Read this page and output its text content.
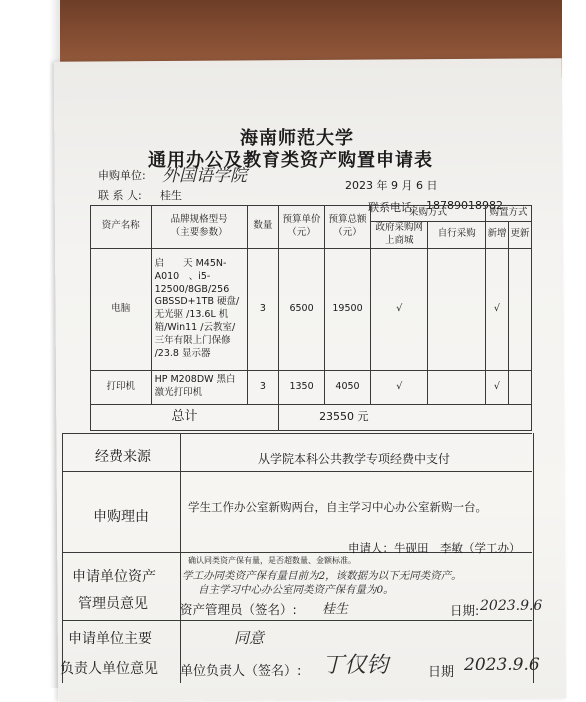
海南师范大学
通用办公及教育类资产购置申请表
申购单位: 外国语学院	2023 年 9 月 6 日
联 系 人: 桂生
联系电话: 18789018982
资产名称	品牌规格型号
（主要参数）	数量	预算单价（元）	预算总额（元）	采购方式		购置方式	
					政府采购网上商城	自行采购	新增	更新
电脑	启　　天 M45N-A010　、i5-12500/8GB/256 GBSSD+1TB 硬盘/无光驱 /13.6L 机箱/Win11 /云教室/三年有限上门保修 /23.8 显示器	3	6500	19500	√		√	
打印机	HP M208DW 黑白激光打印机	3	1350	4050	√		√	
总计			23550 元					
经费来源	从学院本科公共教学专项经费中支付
申购理由
学生工作办公室新购两台，自主学习中心办公室新购一台。
申请人：牛砚田　李敏（学工办）
申请单位资产
管理员意见
确认同类资产保有量，是否超数量、金额标准。
学工办同类资产保有量目前为2，该数据为以下无同类资产。
自主学习中心办公室同类资产保有量为0。
资产管理员（签名）: 桂生	日期: 2023.9.6
申请单位主要
负责人单位意见
同意
单位负责人（签名）: 丁仅钧	日期 2023.9.6
